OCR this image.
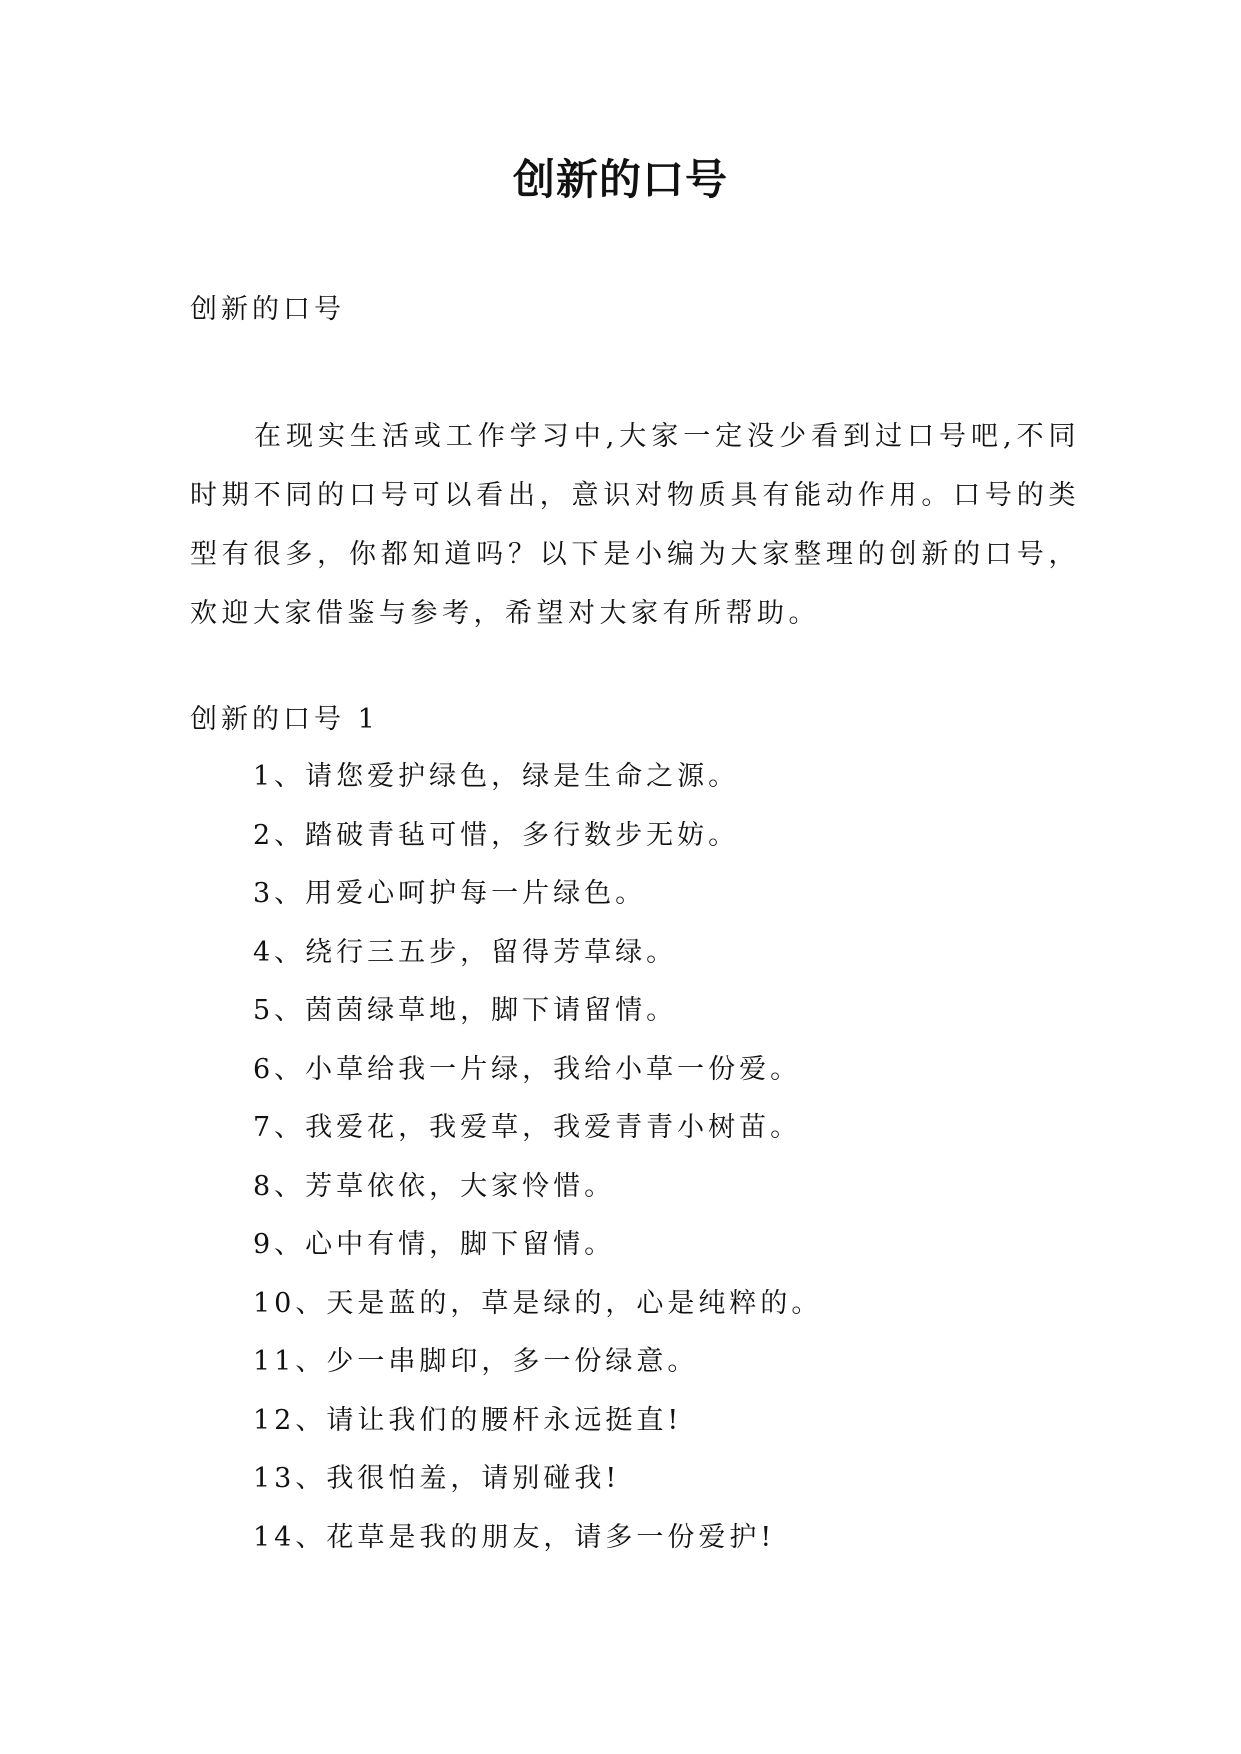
创新的口号

创新的口号

在现实生活或工作学习中,大家一定没少看到过口号吧,不同时期不同的口号可以看出，意识对物质具有能动作用。口号的类型有很多，你都知道吗？以下是小编为大家整理的创新的口号，欢迎大家借鉴与参考，希望对大家有所帮助。

创新的口号 1

1、请您爱护绿色，绿是生命之源。
2、踏破青毡可惜，多行数步无妨。
3、用爱心呵护每一片绿色。
4、绕行三五步，留得芳草绿。
5、茵茵绿草地，脚下请留情。
6、小草给我一片绿，我给小草一份爱。
7、我爱花，我爱草，我爱青青小树苗。
8、芳草依依，大家怜惜。
9、心中有情，脚下留情。
10、天是蓝的，草是绿的，心是纯粹的。
11、少一串脚印，多一份绿意。
12、请让我们的腰杆永远挺直!
13、我很怕羞，请别碰我!
14、花草是我的朋友，请多一份爱护!
